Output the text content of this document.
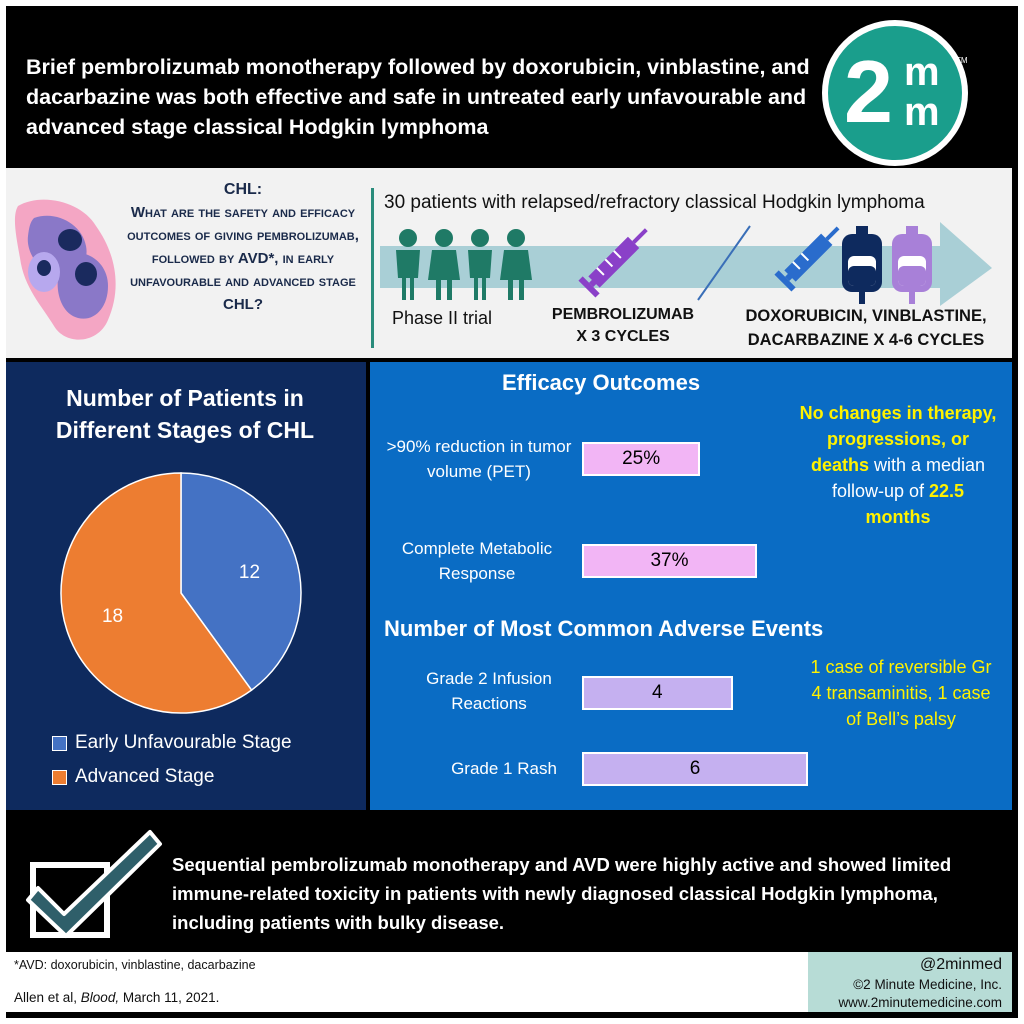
Brief pembrolizumab monotherapy followed by doxorubicin, vinblastine, and dacarbazine was both effective and safe in untreated early unfavourable and advanced stage classical Hodgkin lymphoma	2 m
m
TM
CHL:
What are the safety and efficacy outcomes of giving pembrolizumab, followed by AVD*, in early unfavourable and advanced stage CHL?
30 patients with relapsed/refractory classical Hodgkin lymphoma
Phase II trial	PEMBROLIZUMAB
X 3 CYCLES
DOXORUBICIN, VINBLASTINE,
DACARBAZINE X 4-6 CYCLES
Number of Patients in Different Stages of CHL
12
18
Early Unfavourable Stage
Advanced Stage
Efficacy Outcomes
>90% reduction in tumor volume (PET)
25%
Complete Metabolic Response
37%
No changes in therapy, progressions, or deaths with a median follow-up of 22.5 months
Number of Most Common Adverse Events
Grade 2 Infusion Reactions
4
Grade 1 Rash	6
1 case of reversible Gr 4 transaminitis, 1 case of Bell’s palsy
Sequential pembrolizumab monotherapy and AVD were highly active and showed limited immune-related toxicity in patients with newly diagnosed classical Hodgkin lymphoma, including patients with bulky disease.
*AVD: doxorubicin, vinblastine, dacarbazine
Allen et al, Blood, March 11, 2021.
@2minmed
©2 Minute Medicine, Inc.
www.2minutemedicine.com
